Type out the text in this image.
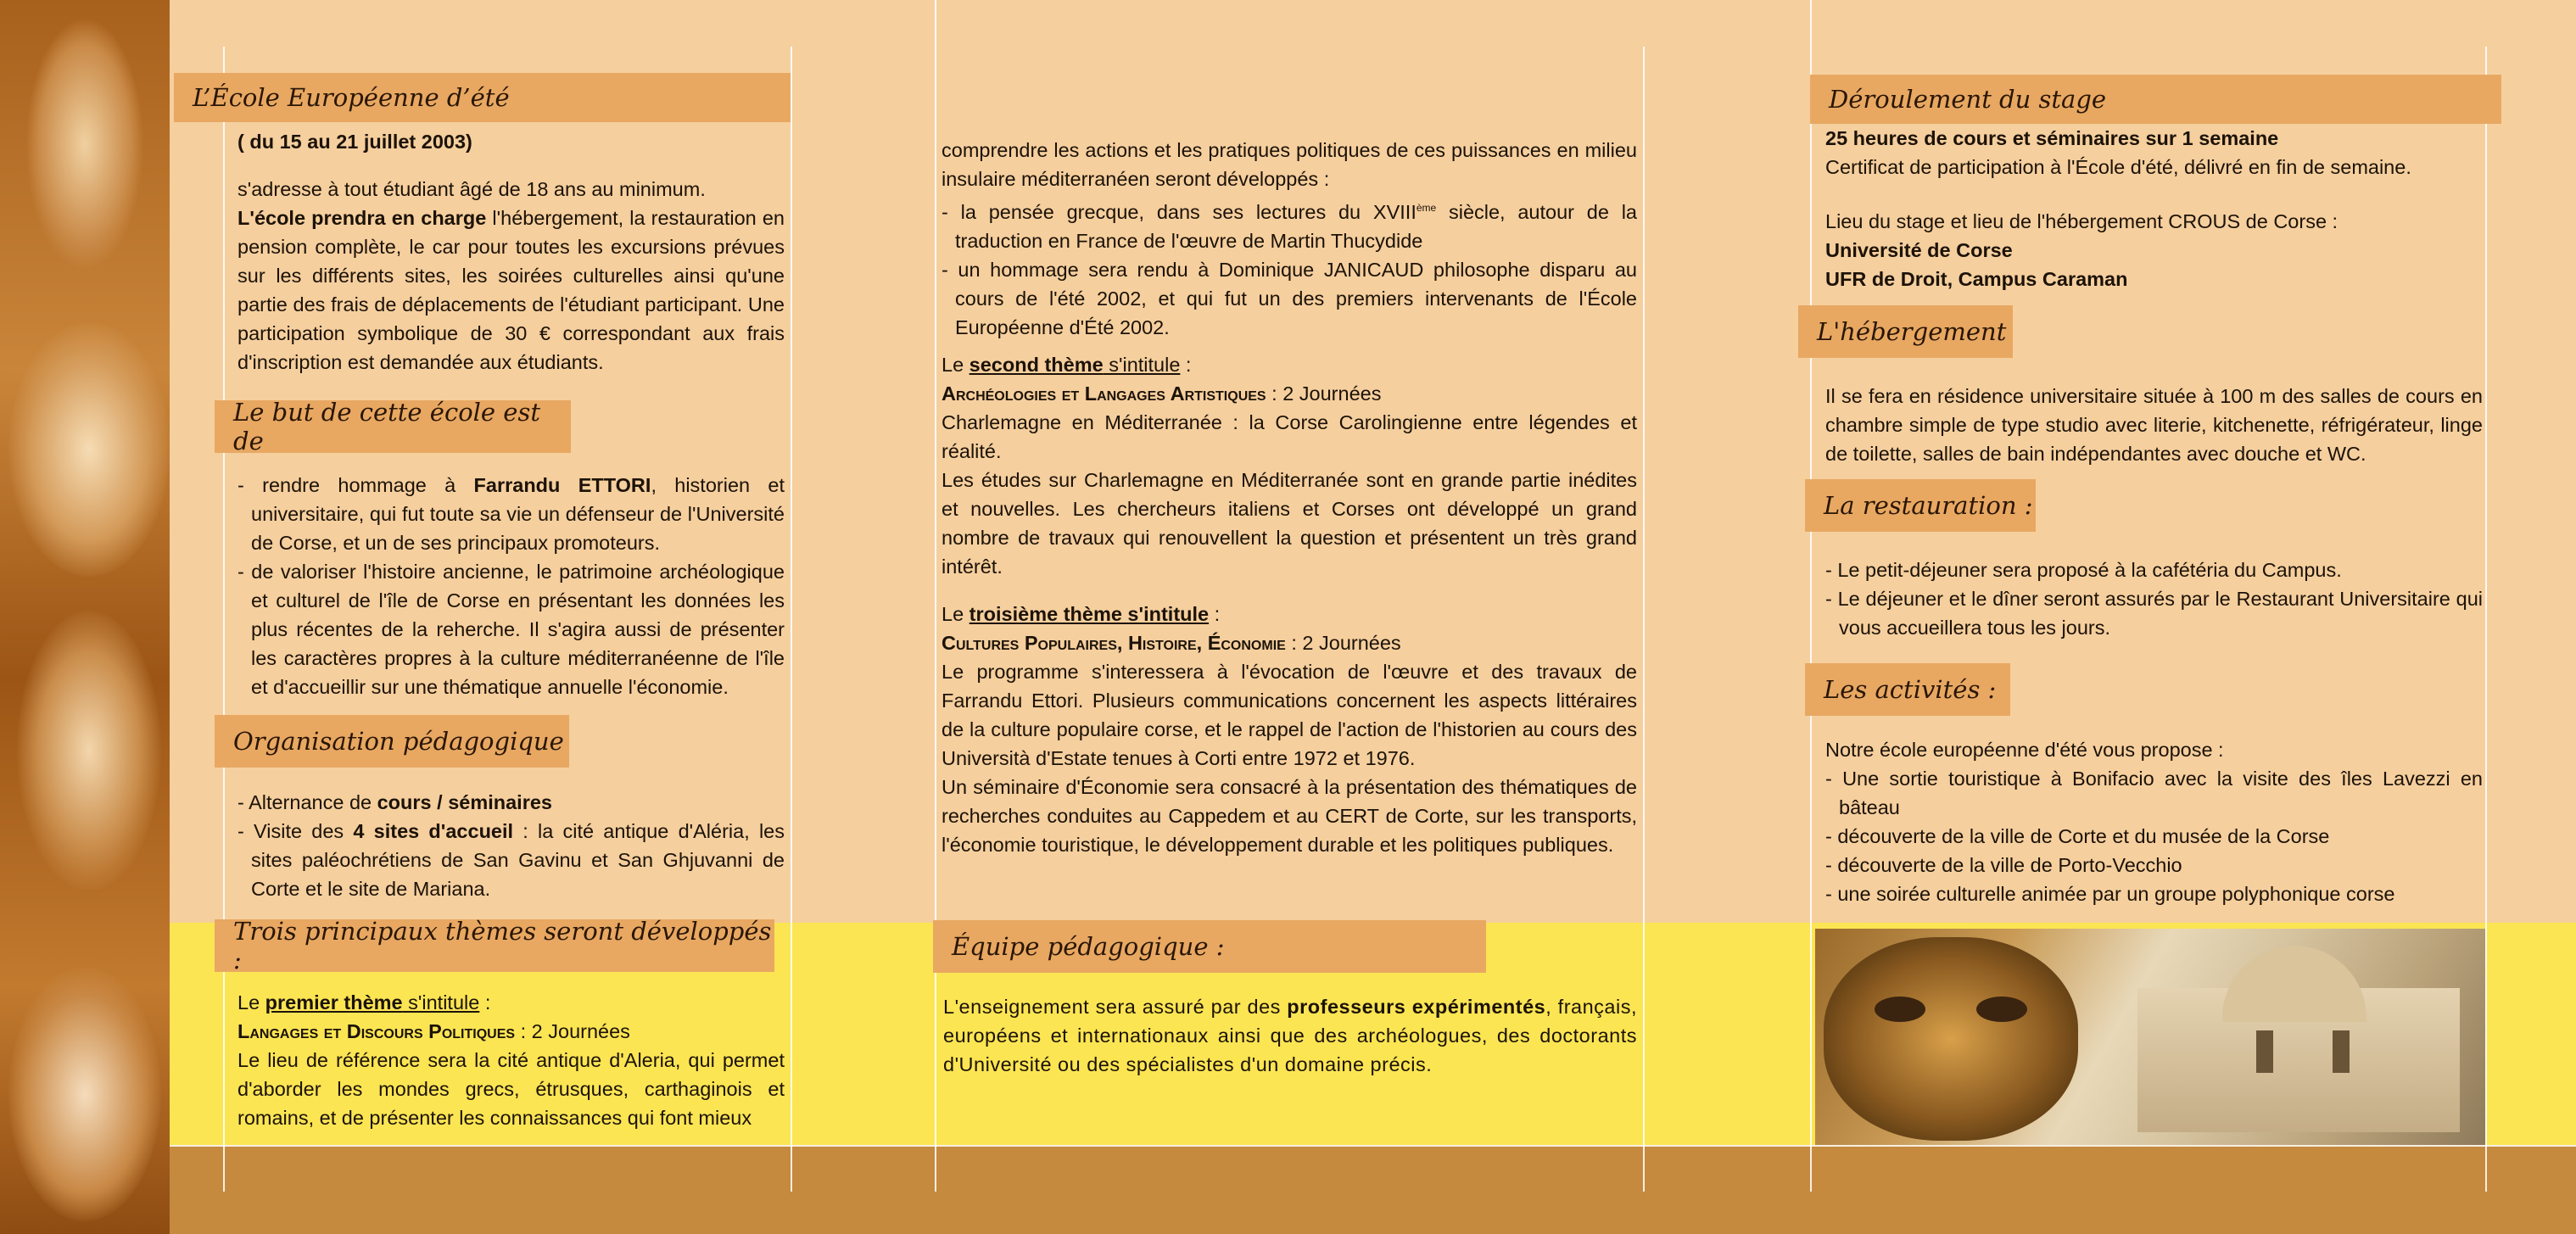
L’École Européenne d’été

( du 15 au 21 juillet 2003)

s'adresse à tout étudiant âgé de 18 ans au minimum.

L'école prendra en charge l'hébergement, la restauration en pension complète, le car pour toutes les excursions prévues sur les différents sites, les soirées culturelles ainsi qu'une partie des frais de déplacements de l'étudiant participant. Une participation symbolique de 30 € correspondant aux frais d'inscription est demandée aux étudiants.

Le but de cette école est de

- rendre hommage à Farrandu ETTORI, historien et universitaire, qui fut toute sa vie un défenseur de l'Université de Corse, et un de ses principaux promoteurs.

- de valoriser l'histoire ancienne, le patrimoine archéologique et culturel de l'île de Corse en présentant les données les plus récentes de la reherche. Il s'agira aussi de présenter les caractères propres à la culture méditerranéenne de l'île et d'accueillir sur une thématique annuelle l'économie.

Organisation pédagogique

- Alternance de cours / séminaires

- Visite des 4 sites d'accueil : la cité antique d'Aléria, les sites paléochrétiens de San Gavinu et San Ghjuvanni de Corte et le site de Mariana.

Trois principaux thèmes seront développés :

Le premier thème s'intitule :

Langages et Discours Politiques : 2 Journées

Le lieu de référence sera la cité antique d'Aleria, qui permet d'aborder les mondes grecs, étrusques, carthaginois et romains, et de présenter les connaissances qui font mieux

comprendre les actions et les pratiques politiques de ces puissances en milieu insulaire méditerranéen seront développés :

- la pensée grecque, dans ses lectures du XVIIIème siècle, autour de la traduction en France de l'œuvre de Martin Thucydide

- un hommage sera rendu à Dominique JANICAUD philosophe disparu au cours de l'été 2002, et qui fut un des premiers intervenants de l'École Européenne d'Été 2002.

Le second thème s'intitule :

Archéologies et Langages Artistiques : 2 Journées

Charlemagne en Méditerranée : la Corse Carolingienne entre légendes et réalité.

Les études sur Charlemagne en Méditerranée sont en grande partie inédites et nouvelles. Les chercheurs italiens et Corses ont développé un grand nombre de travaux qui renouvellent la question et présentent un très grand intérêt.

Le troisième thème s'intitule :

Cultures Populaires, Histoire, Économie : 2 Journées

Le programme s'interessera à l'évocation de l'œuvre et des travaux de Farrandu Ettori. Plusieurs communications concernent les aspects littéraires de la culture populaire corse, et le rappel de l'action de l'historien au cours des Università d'Estate tenues à Corti entre 1972 et 1976.

Un séminaire d'Économie sera consacré à la présentation des thématiques de recherches conduites au Cappedem et au CERT de Corte, sur les transports, l'économie touristique, le développement durable et les politiques publiques.

Équipe pédagogique :

L'enseignement sera assuré par des professeurs expérimentés, français, européens et internationaux ainsi que des archéologues, des doctorants d'Université ou des spécialistes d'un domaine précis.

Déroulement du stage

25 heures de cours et séminaires sur 1 semaine

Certificat de participation à l'École d'été, délivré en fin de semaine.

Lieu du stage et lieu de l'hébergement CROUS de Corse :

Université de Corse

UFR de Droit, Campus Caraman

L'hébergement

Il se fera en résidence universitaire située à 100 m des salles de cours en chambre simple de type studio avec literie, kitchenette, réfrigérateur, linge de toilette, salles de bain indépendantes avec douche et WC.

La restauration :

- Le petit-déjeuner sera proposé à la cafétéria du Campus.

- Le déjeuner et le dîner seront assurés par le Restaurant Universitaire qui vous accueillera tous les jours.

Les activités :

Notre école européenne d'été vous propose :

- Une sortie touristique à Bonifacio avec la visite des îles Lavezzi en bâteau

- découverte de la ville de Corte et du musée de la Corse

- découverte de la ville de Porto-Vecchio

- une soirée culturelle animée par un groupe polyphonique corse
